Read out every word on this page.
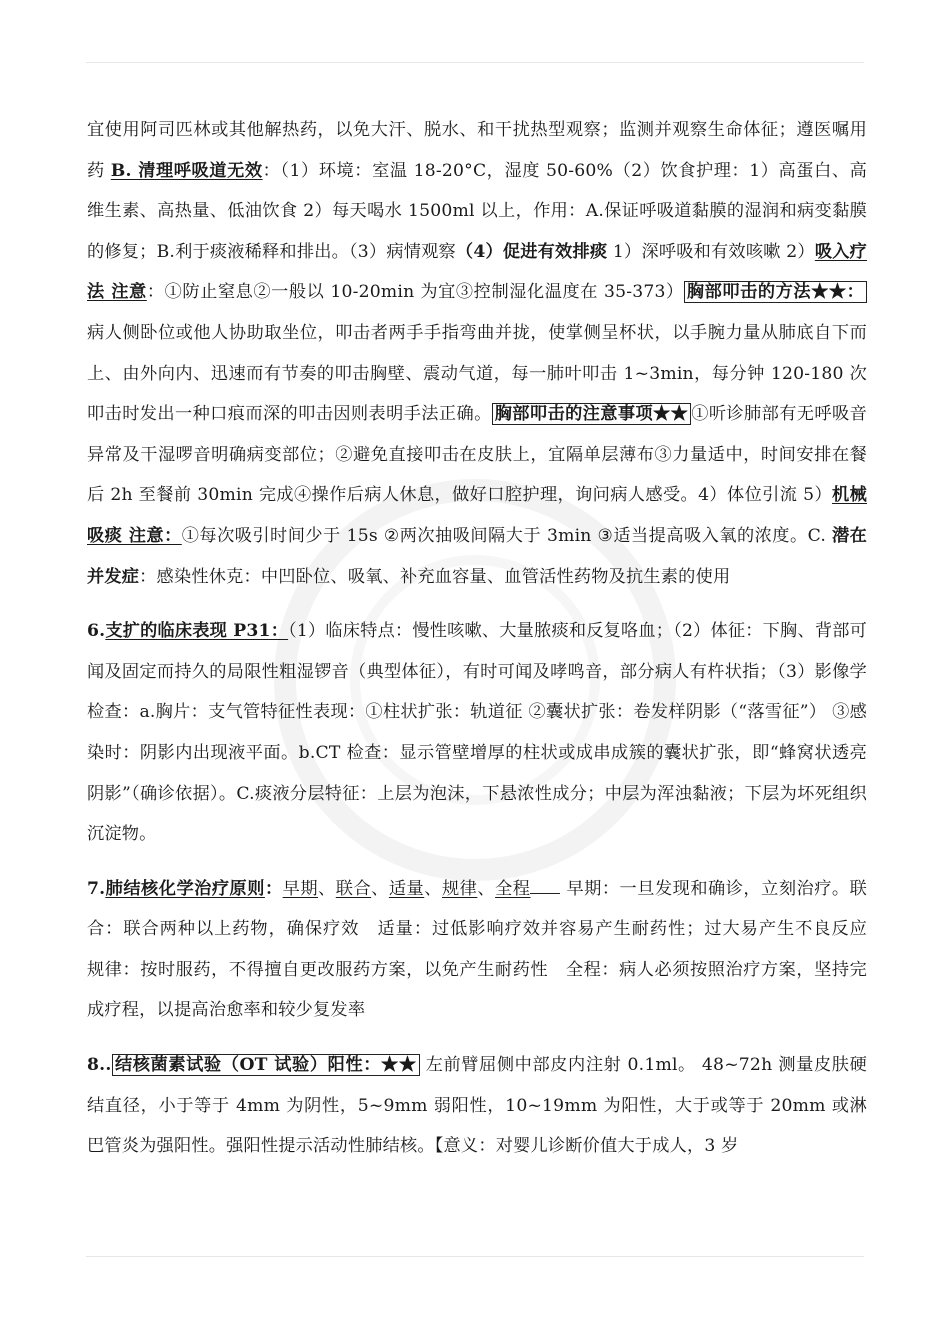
宜使用阿司匹林或其他解热药，以免大汗、脱水、和干扰热型观察；监测并观察生命体征；遵医嘱用药 B. 清理呼吸道无效：（1）环境：室温 18-20°C，湿度 50-60%（2）饮食护理：1）高蛋白、高维生素、高热量、低油饮食 2）每天喝水 1500ml 以上，作用：A.保证呼吸道黏膜的湿润和病变黏膜的修复；B.利于痰液稀释和排出。（3）病情观察（4）促进有效排痰 1）深呼吸和有效咳嗽 2）吸入疗法 注意：①防止窒息②一般以 10-20min 为宜③控制湿化温度在 35-373） 胸部叩击的方法★★：病人侧卧位或他人协助取坐位，叩击者两手手指弯曲并拢，使掌侧呈杯状，以手腕力量从肺底自下而上、由外向内、迅速而有节奏的叩击胸壁、震动气道，每一肺叶叩击 1~3min，每分钟 120-180 次叩击时发出一种口痕而深的叩击因则表明手法正确。 胸部叩击的注意事项★★ ①听诊肺部有无呼吸音异常及干湿啰音明确病变部位；②避免直接叩击在皮肤上，宜隔单层薄布③力量适中，时间安排在餐后 2h 至餐前 30min 完成④操作后病人休息，做好口腔护理，询问病人感受。4）体位引流 5）机械吸痰 注意：①每次吸引时间少于 15s ②两次抽吸间隔大于 3min ③适当提高吸入氧的浓度。C. 潜在并发症：感染性休克：中凹卧位、吸氧、补充血容量、血管活性药物及抗生素的使用

6.支扩的临床表现 P31：（1）临床特点：慢性咳嗽、大量脓痰和反复咯血；（2）体征：下胸、背部可闻及固定而持久的局限性粗湿锣音（典型体征），有时可闻及哮鸣音，部分病人有杵状指；（3）影像学检查：a.胸片：支气管特征性表现：①柱状扩张：轨道征 ②囊状扩张：卷发样阴影（“落雪征”） ③感染时：阴影内出现液平面。b.CT 检查：显示管壁增厚的柱状或成串成簇的囊状扩张，即“蜂窝状透亮阴影”（确诊依据）。C.痰液分层特征：上层为泡沫，下悬浓性成分；中层为浑浊黏液；下层为坏死组织沉淀物。

7.肺结核化学治疗原则：早期、联合、适量、规律、全程 早期：一旦发现和确诊，立刻治疗。联合：联合两种以上药物，确保疗效　适量：过低影响疗效并容易产生耐药性；过大易产生不良反应　规律：按时服药，不得擅自更改服药方案，以免产生耐药性　全程：病人必须按照治疗方案，坚持完成疗程，以提高治愈率和较少复发率

8.. 结核菌素试验（OT 试验）阳性：★★ 左前臂屈侧中部皮内注射 0.1ml。 48~72h 测量皮肤硬结直径，小于等于 4mm 为阴性，5~9mm 弱阳性，10~19mm 为阳性，大于或等于 20mm 或淋巴管炎为强阳性。强阳性提示活动性肺结核。【意义：对婴儿诊断价值大于成人，3 岁
